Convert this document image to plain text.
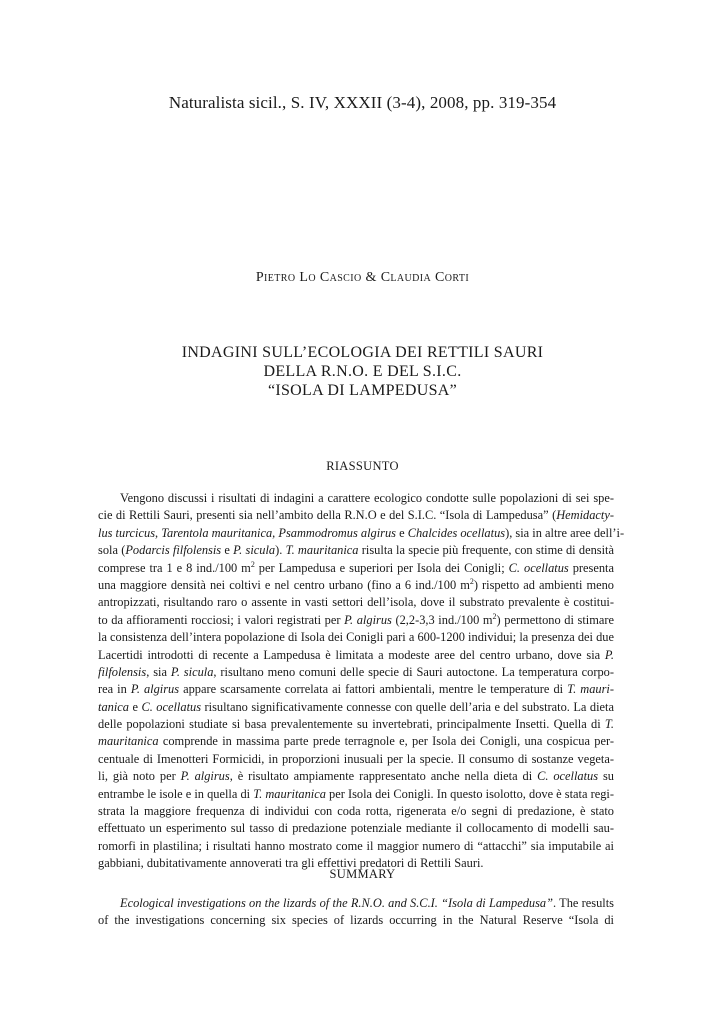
Naturalista sicil., S. IV, XXXII (3-4), 2008, pp. 319-354
Pietro Lo Cascio & Claudia Corti
INDAGINI SULL’ECOLOGIA DEI RETTILI SAURI
DELLA R.N.O. E DEL S.I.C.
“ISOLA DI LAMPEDUSA”
RIASSUNTO
Vengono discussi i risultati di indagini a carattere ecologico condotte sulle popolazioni di sei spe-
cie di Rettili Sauri, presenti sia nell’ambito della R.N.O e del S.I.C. “Isola di Lampedusa” (Hemidacty-
lus turcicus, Tarentola mauritanica, Psammodromus algirus e Chalcides ocellatus), sia in altre aree dell’i-
sola (Podarcis filfolensis e P. sicula). T. mauritanica risulta la specie più frequente, con stime di densità
comprese tra 1 e 8 ind./100 $m^2$ per Lampedusa e superiori per Isola dei Conigli; C. ocellatus presenta
una maggiore densità nei coltivi e nel centro urbano (fino a 6 ind./100 $m^2$) rispetto ad ambienti meno
antropizzati, risultando raro o assente in vasti settori dell’isola, dove il substrato prevalente è costitui-
to da affioramenti rocciosi; i valori registrati per P. algirus (2,2-3,3 ind./100 $m^2$) permettono di stimare
la consistenza dell’intera popolazione di Isola dei Conigli pari a 600-1200 individui; la presenza dei due
Lacertidi introdotti di recente a Lampedusa è limitata a modeste aree del centro urbano, dove sia P.
filfolensis, sia P. sicula, risultano meno comuni delle specie di Sauri autoctone. La temperatura corpo-
rea in P. algirus appare scarsamente correlata ai fattori ambientali, mentre le temperature di T. mauri-
tanica e C. ocellatus risultano significativamente connesse con quelle dell’aria e del substrato. La dieta
delle popolazioni studiate si basa prevalentemente su invertebrati, principalmente Insetti. Quella di T.
mauritanica comprende in massima parte prede terragnole e, per Isola dei Conigli, una cospicua per-
centuale di Imenotteri Formicidi, in proporzioni inusuali per la specie. Il consumo di sostanze vegeta-
li, già noto per P. algirus, è risultato ampiamente rappresentato anche nella dieta di C. ocellatus su
entrambe le isole e in quella di T. mauritanica per Isola dei Conigli. In questo isolotto, dove è stata regi-
strata la maggiore frequenza di individui con coda rotta, rigenerata e/o segni di predazione, è stato
effettuato un esperimento sul tasso di predazione potenziale mediante il collocamento di modelli sau-
romorfi in plastilina; i risultati hanno mostrato come il maggior numero di “attacchi” sia imputabile ai
gabbiani, dubitativamente annoverati tra gli effettivi predatori di Rettili Sauri.
SUMMARY
Ecological investigations on the lizards of the R.N.O. and S.C.I. “Isola di Lampedusa”. The results
of the investigations concerning six species of lizards occurring in the Natural Reserve “Isola di
